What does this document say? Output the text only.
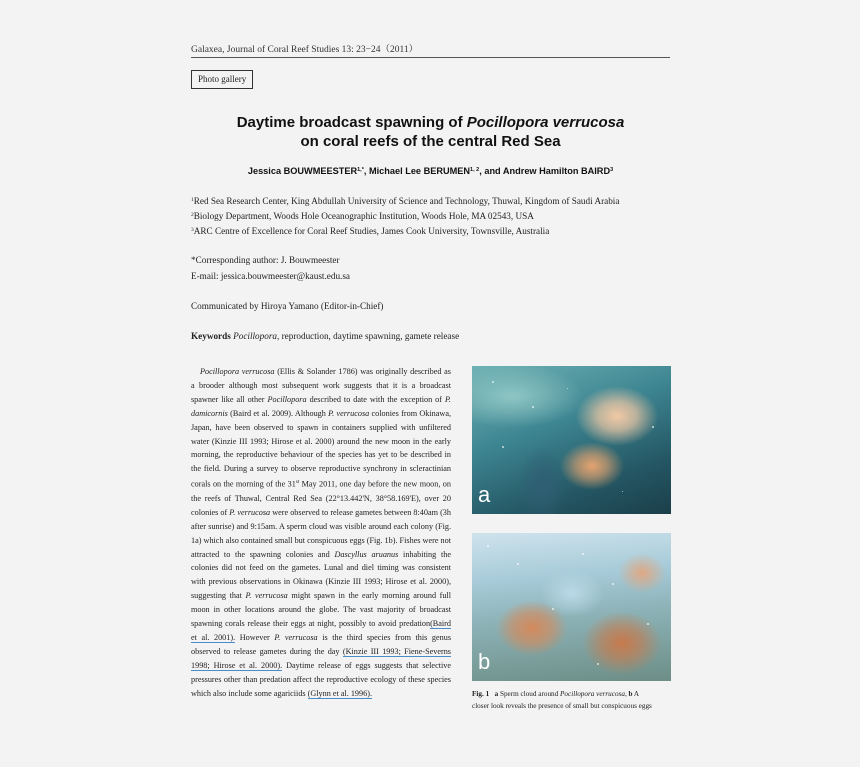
Galaxea, Journal of Coral Reef Studies 13: 23−24（2011）
Photo gallery
Daytime broadcast spawning of Pocillopora verrucosa
on coral reefs of the central Red Sea
Jessica $BOUWMEESTER^{1,*}$, Michael Lee BERUMEN$^{1, 2}$, and Andrew Hamilton BAIRD$^3$
$^1$Red Sea Research Center, King Abdullah University of Science and Technology, Thuwal, Kingdom of Saudi Arabia
$^2$Biology Department, Woods Hole Oceanographic Institution, Woods Hole, MA 02543, USA
$^3$ARC Centre of Excellence for Coral Reef Studies, James Cook University, Townsville, Australia
*Corresponding author: J. Bouwmeester
E-mail: jessica.bouwmeester@kaust.edu.sa
Communicated by Hiroya Yamano (Editor-in-Chief)
Keywords Pocillopora, reproduction, daytime spawning, gamete release
Pocillopora verrucosa (Ellis & Solander 1786) was originally described as a brooder although most subsequent work suggests that it is a broadcast spawner like all other Pocillopora described to date with the exception of P. damicornis (Baird et al. 2009). Although P. verrucosa colonies from Okinawa, Japan, have been observed to spawn in containers supplied with unfiltered water (Kinzie III 1993; Hirose et al. 2000) around the new moon in the early morning, the reproductive behaviour of the species has yet to be described in the field. During a survey to observe reproductive synchrony in scleractinian corals on the morning of the 31st May 2011, one day before the new moon, on the reefs of Thuwal, Central Red Sea (22°13.442'N, 38°58.169'E), over 20 colonies of P. verrucosa were observed to release gametes between 8:40am (3h after sunrise) and 9:15am. A sperm cloud was visible around each colony (Fig. 1a) which also contained small but conspicuous eggs (Fig. 1b). Fishes were not attracted to the spawning colonies and Dascyllus aruanus inhabiting the colonies did not feed on the gametes. Lunal and diel timing was consistent with previous observations in Okinawa (Kinzie III 1993; Hirose et al. 2000), suggesting that P. verrucosa might spawn in the early morning around full moon in other locations around the globe. The vast majority of broadcast spawning corals release their eggs at night, possibly to avoid predation(Baird et al. 2001). However P. verrucosa is the third species from this genus observed to release gametes during the day (Kinzie III 1993; Fiene-Severns 1998; Hirose et al. 2000). Daytime release of eggs suggests that selective pressures other than predation affect the reproductive ecology of these species which also include some agariciids (Glynn et al. 1996).
a
b
Fig. 1 a Sperm cloud around Pocillopora verrucosa, b A
closer look reveals the presence of small but conspicuous eggs
